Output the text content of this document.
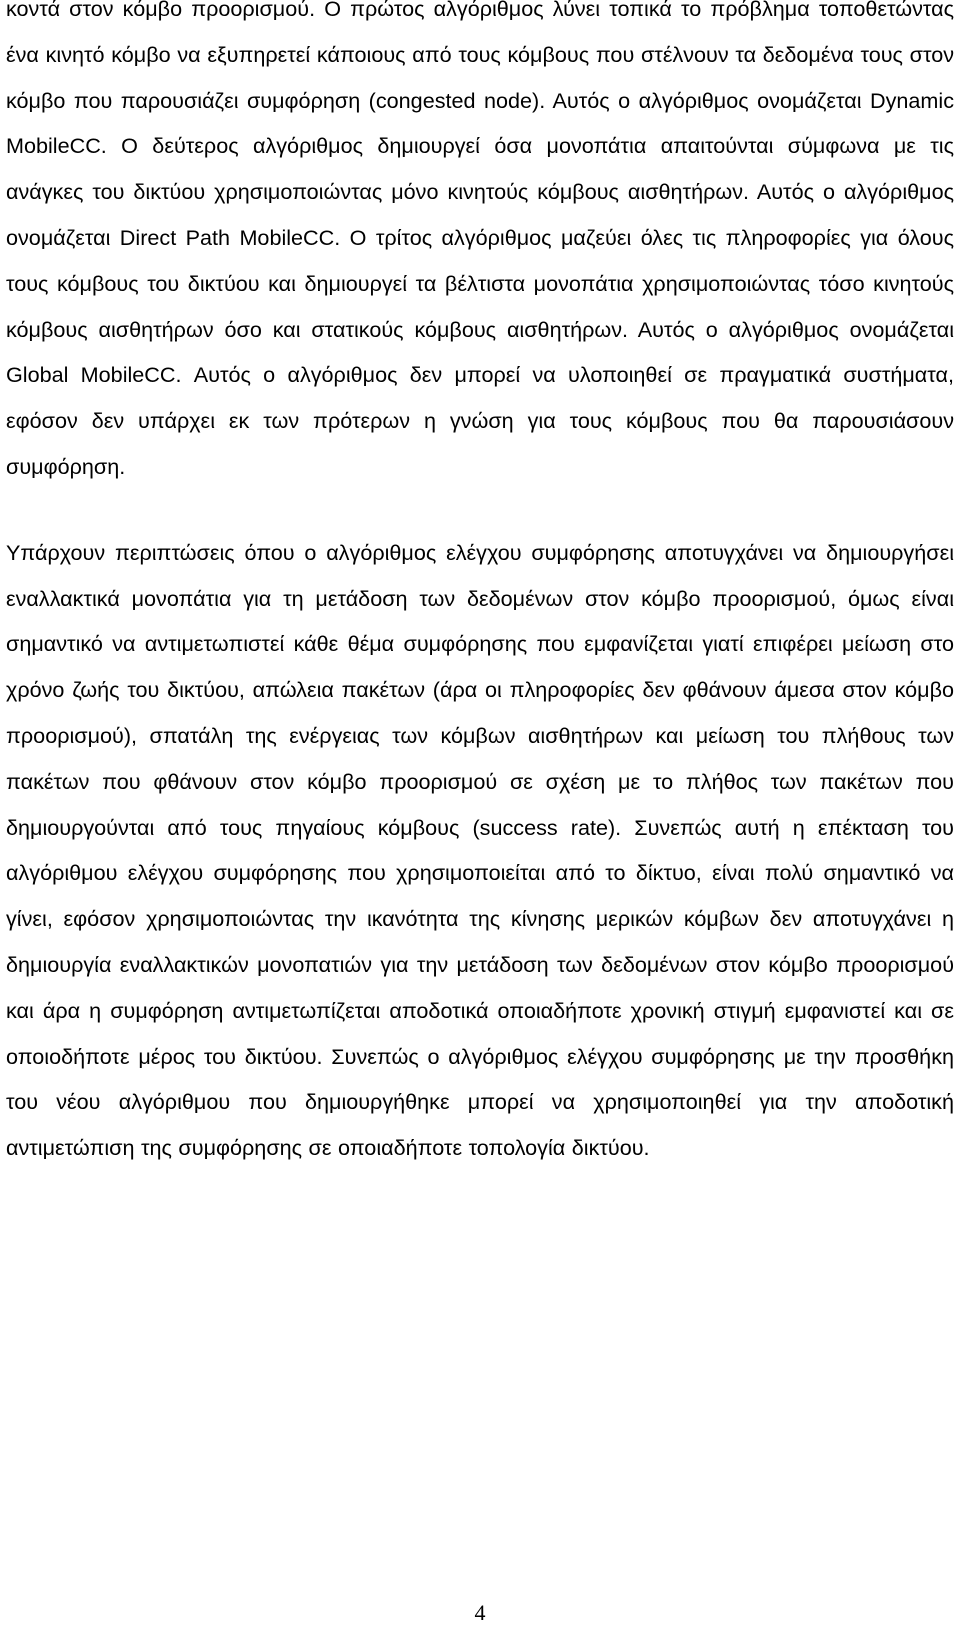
κοντά στον κόμβο προορισμού. Ο πρώτος αλγόριθμος λύνει τοπικά το πρόβλημα τοποθετώντας ένα κινητό κόμβο να εξυπηρετεί κάποιους από τους κόμβους που στέλνουν τα δεδομένα τους στον κόμβο που παρουσιάζει συμφόρηση (congested node). Αυτός ο αλγόριθμος ονομάζεται Dynamic MobileCC. Ο δεύτερος αλγόριθμος δημιουργεί όσα μονοπάτια απαιτούνται σύμφωνα με τις ανάγκες του δικτύου χρησιμοποιώντας μόνο κινητούς κόμβους αισθητήρων. Αυτός ο αλγόριθμος ονομάζεται Direct Path MobileCC. Ο τρίτος αλγόριθμος μαζεύει όλες τις πληροφορίες για όλους τους κόμβους του δικτύου και δημιουργεί τα βέλτιστα μονοπάτια χρησιμοποιώντας τόσο κινητούς κόμβους αισθητήρων όσο και στατικούς κόμβους αισθητήρων. Αυτός ο αλγόριθμος ονομάζεται Global MobileCC. Αυτός ο αλγόριθμος δεν μπορεί να υλοποιηθεί σε πραγματικά συστήματα, εφόσον δεν υπάρχει εκ των πρότερων η γνώση για τους κόμβους που θα παρουσιάσουν συμφόρηση.

Υπάρχουν περιπτώσεις όπου ο αλγόριθμος ελέγχου συμφόρησης αποτυγχάνει να δημιουργήσει εναλλακτικά μονοπάτια για τη μετάδοση των δεδομένων στον κόμβο προορισμού, όμως είναι σημαντικό να αντιμετωπιστεί κάθε θέμα συμφόρησης που εμφανίζεται γιατί επιφέρει μείωση στο χρόνο ζωής του δικτύου, απώλεια πακέτων (άρα οι πληροφορίες δεν φθάνουν άμεσα στον κόμβο προορισμού), σπατάλη της ενέργειας των κόμβων αισθητήρων και μείωση του πλήθους των πακέτων που φθάνουν στον κόμβο προορισμού σε σχέση με το πλήθος των πακέτων που δημιουργούνται από τους πηγαίους κόμβους (success rate). Συνεπώς αυτή η επέκταση του αλγόριθμου ελέγχου συμφόρησης που χρησιμοποιείται από το δίκτυο, είναι πολύ σημαντικό να γίνει, εφόσον χρησιμοποιώντας την ικανότητα της κίνησης μερικών κόμβων δεν αποτυγχάνει η δημιουργία εναλλακτικών μονοπατιών για την μετάδοση των δεδομένων στον κόμβο προορισμού και άρα η συμφόρηση αντιμετωπίζεται αποδοτικά οποιαδήποτε χρονική στιγμή εμφανιστεί και σε οποιοδήποτε μέρος του δικτύου. Συνεπώς ο αλγόριθμος ελέγχου συμφόρησης με την προσθήκη του νέου αλγόριθμου που δημιουργήθηκε μπορεί να χρησιμοποιηθεί για την αποδοτική αντιμετώπιση της συμφόρησης σε οποιαδήποτε τοπολογία δικτύου.

4
